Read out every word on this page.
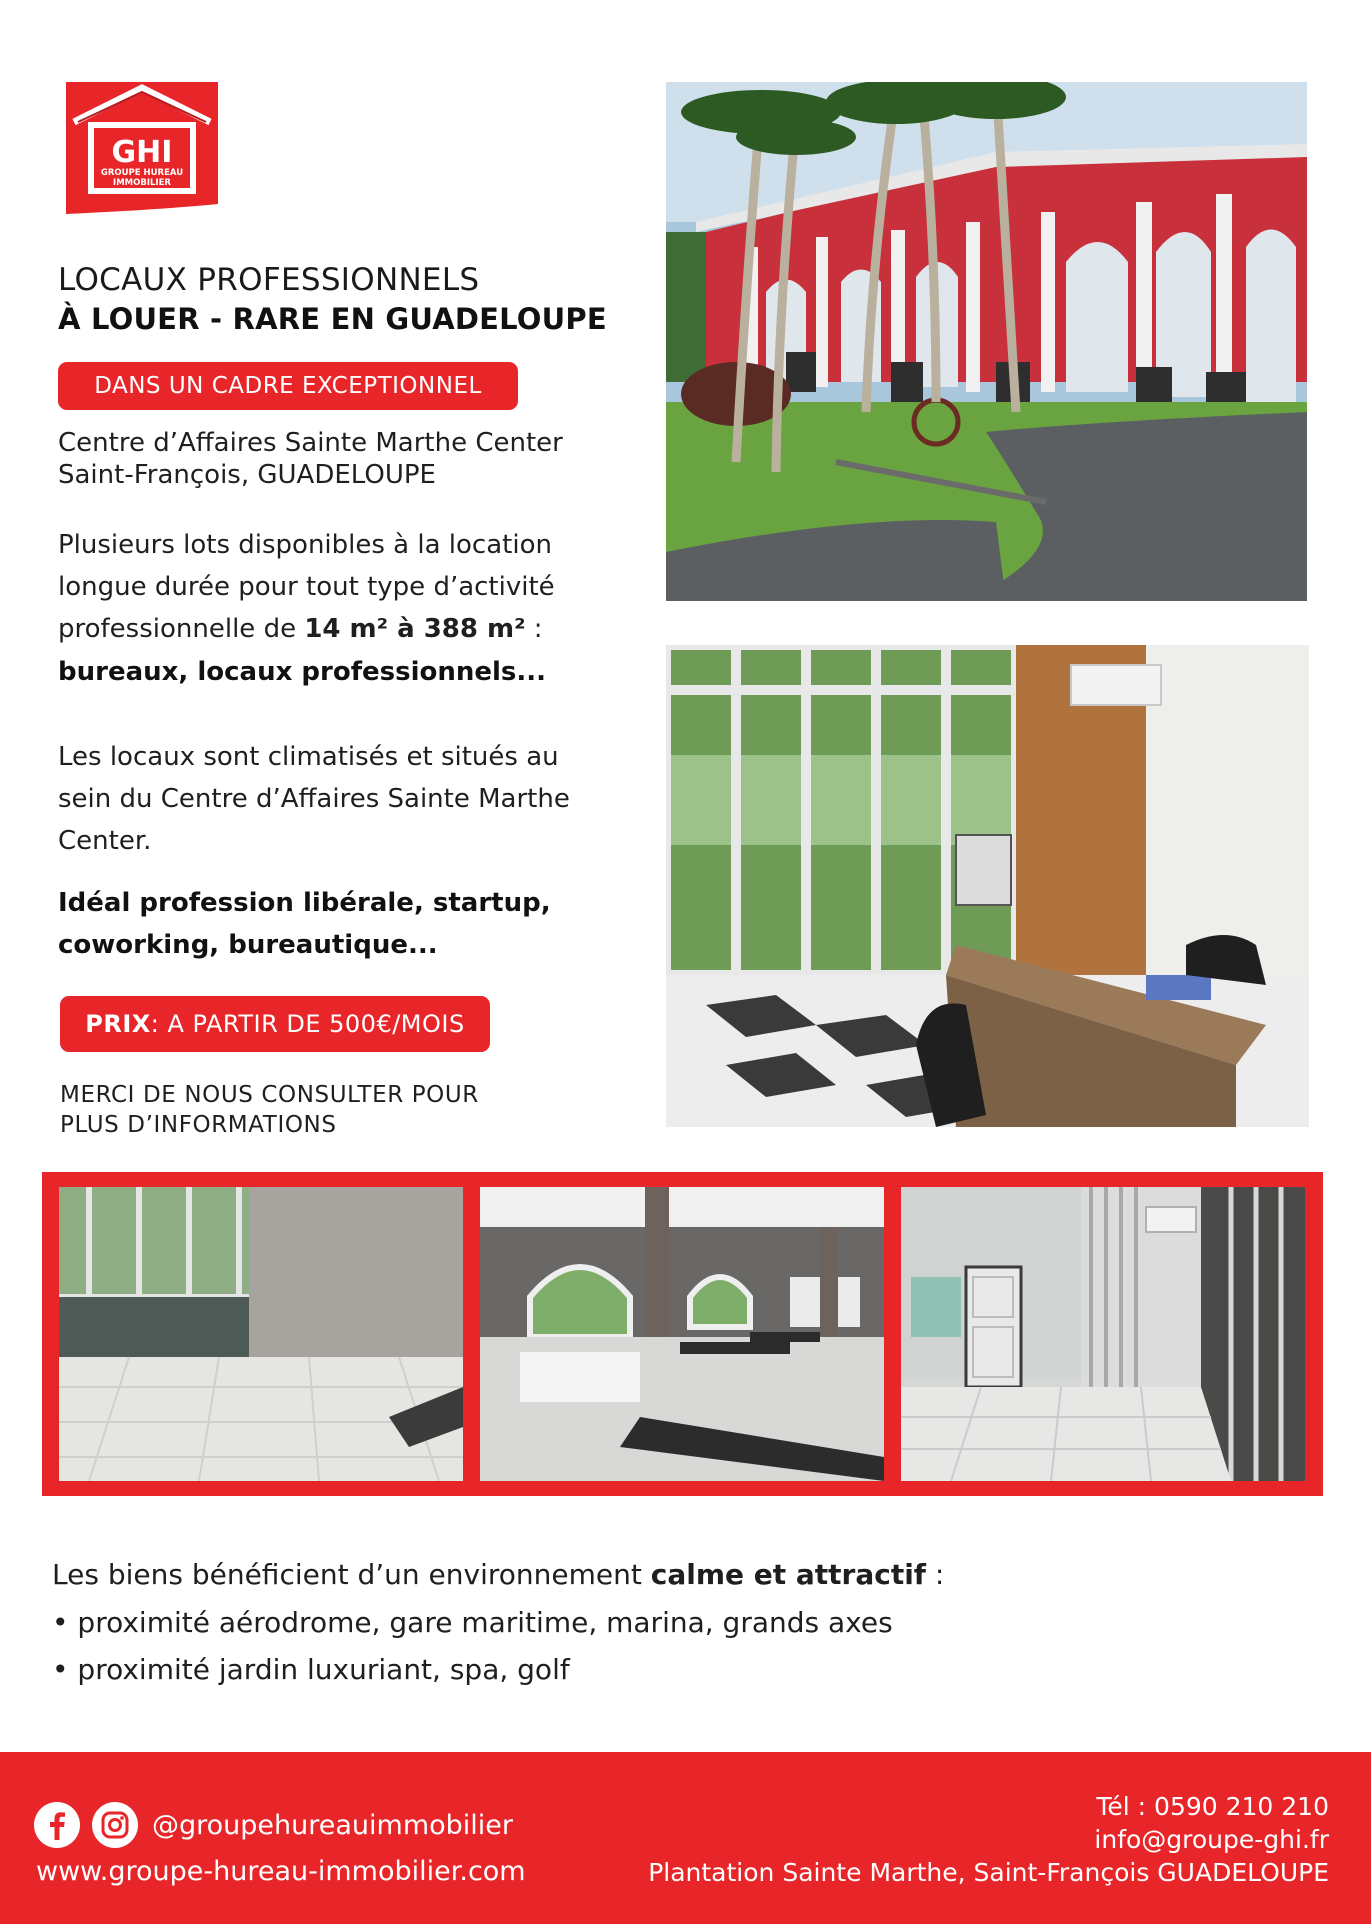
GHI
GROUPE HUREAU
IMMOBILIER
LOCAUX PROFESSIONNELS
À LOUER - RARE EN GUADELOUPE
DANS UN CADRE EXCEPTIONNEL
Centre d’Affaires Sainte Marthe Center
Saint-François, GUADELOUPE
Plusieurs lots disponibles à la location
longue durée pour tout type d’activité
professionnelle de 14 m² à 388 m² :
bureaux, locaux professionnels...
Les locaux sont climatisés et situés au
sein du Centre d’Affaires Sainte Marthe
Center.
Idéal profession libérale, startup,
coworking, bureautique...
PRIX : A PARTIR DE 500€/MOIS
MERCI DE NOUS CONSULTER POUR
PLUS D’INFORMATIONS
Les biens bénéficient d’un environnement calme et attractif :
• proximité aérodrome, gare maritime, marina, grands axes
• proximité jardin luxuriant, spa, golf
@groupehureauimmobilier
www.groupe-hureau-immobilier.com
Tél : 0590 210 210
info@groupe-ghi.fr
Plantation Sainte Marthe, Saint-François GUADELOUPE
